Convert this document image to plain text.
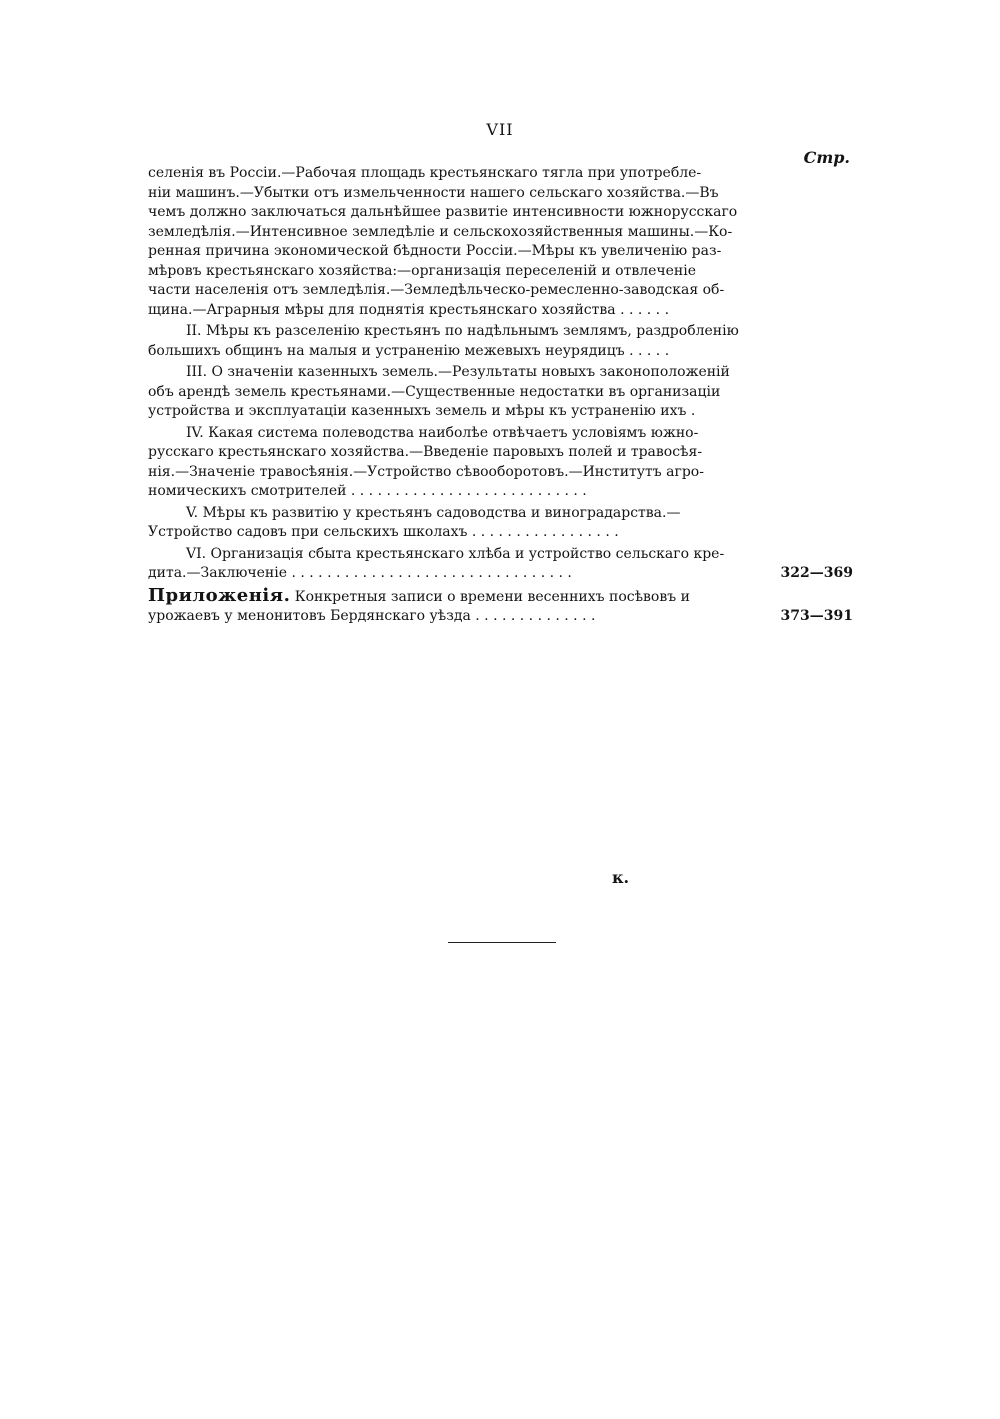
VII
Стр.
селенія въ Россіи.—Рабочая площадь крестьянскаго тягла при употребле-
ніи машинъ.—Убытки отъ измельченности нашего сельскаго хозяйства.—Въ
чемъ должно заключаться дальнѣйшее развитіе интенсивности южнорусскаго
земледѣлія.—Интенсивное земледѣліе и сельскохозяйственныя машины.—Ко-
ренная причина экономической бѣдности Россіи.—Мѣры къ увеличенію раз-
мѣровъ крестьянскаго хозяйства:—организація переселеній и отвлеченіе
части населенія отъ земледѣлія.—Земледѣльческо-ремесленно-заводская об-
щина.—Аграрныя мѣры для поднятія крестьянскаго хозяйства . . . . . .
II. Мѣры къ разселенію крестьянъ по надѣльнымъ землямъ, раздробленію
большихъ общинъ на малыя и устраненію межевыхъ неурядицъ . . . . .
III. О значеніи казенныхъ земель.—Результаты новыхъ законоположеній
объ арендѣ земель крестьянами.—Существенные недостатки въ организаціи
устройства и эксплуатаціи казенныхъ земель и мѣры къ устраненію ихъ .
IV. Какая система полеводства наиболѣе отвѣчаетъ условіямъ южно-
русскаго крестьянскаго хозяйства.—Введеніе паровыхъ полей и травосѣя-
нія.—Значеніе травосѣянія.—Устройство сѣвооборотовъ.—Институтъ агро-
номическихъ смотрителей . . . . . . . . . . . . . . . . . . . . . . . . . . .
V. Мѣры къ развитію у крестьянъ садоводства и виноградарства.—
Устройство садовъ при сельскихъ школахъ . . . . . . . . . . . . . . . . .
VI. Организація сбыта крестьянскаго хлѣба и устройство сельскаго кре-
дита.—Заключеніе . . . . . . . . . . . . . . . . . . . . . . . . . . . . . . . .	322—369
Приложенія. Конкретныя записи о времени весеннихъ посѣвовъ и
урожаевъ у менонитовъ Бердянскаго уѣзда . . . . . . . . . . . . . .	373—391
к.
